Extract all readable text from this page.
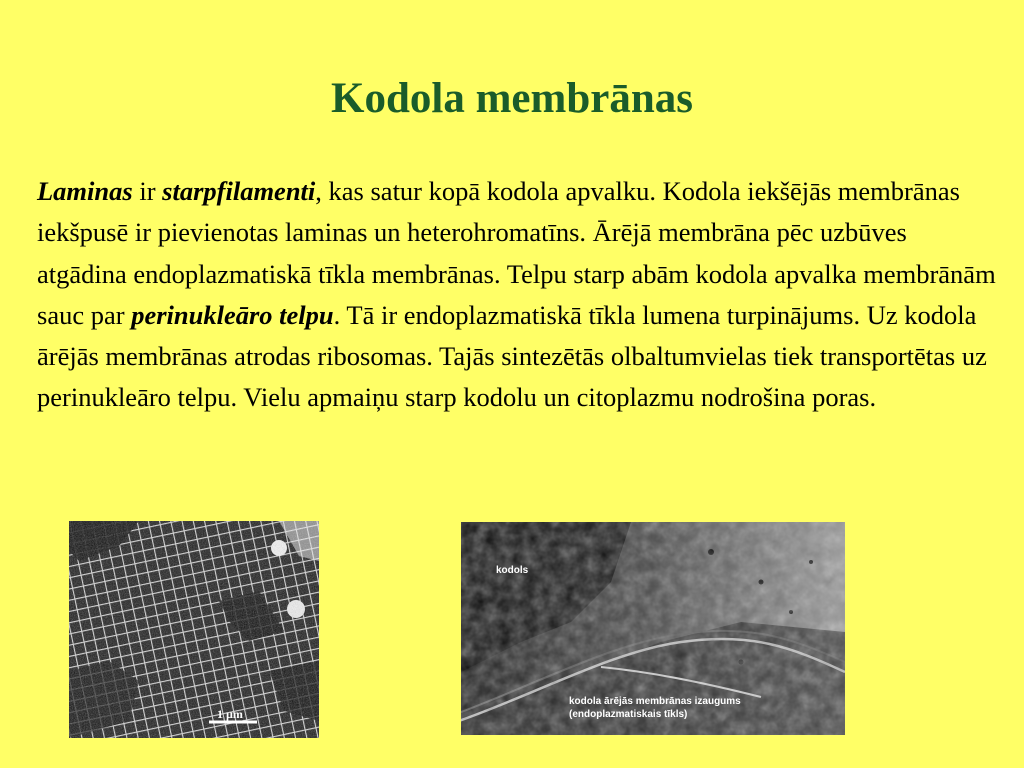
Kodola membrānas

Laminas ir starpfilamenti, kas satur kopā kodola apvalku. Kodola iekšējās membrānas iekšpusē ir pievienotas laminas un heterohromatīns. Ārējā membrāna pēc uzbūves atgādina endoplazmatiskā tīkla membrānas. Telpu starp abām kodola apvalka membrānām sauc par perinukleāro telpu. Tā ir endoplazmatiskā tīkla lumena turpinājums. Uz kodola ārējās membrānas atrodas ribosomas. Tajās sintezētās olbaltumvielas tiek transportētas uz perinukleāro telpu. Vielu apmaiņu starp kodolu un citoplazmu nodrošina poras.

1 µm
kodols
kodola ārējās membrānas izaugums
(endoplazmatiskais tīkls)
